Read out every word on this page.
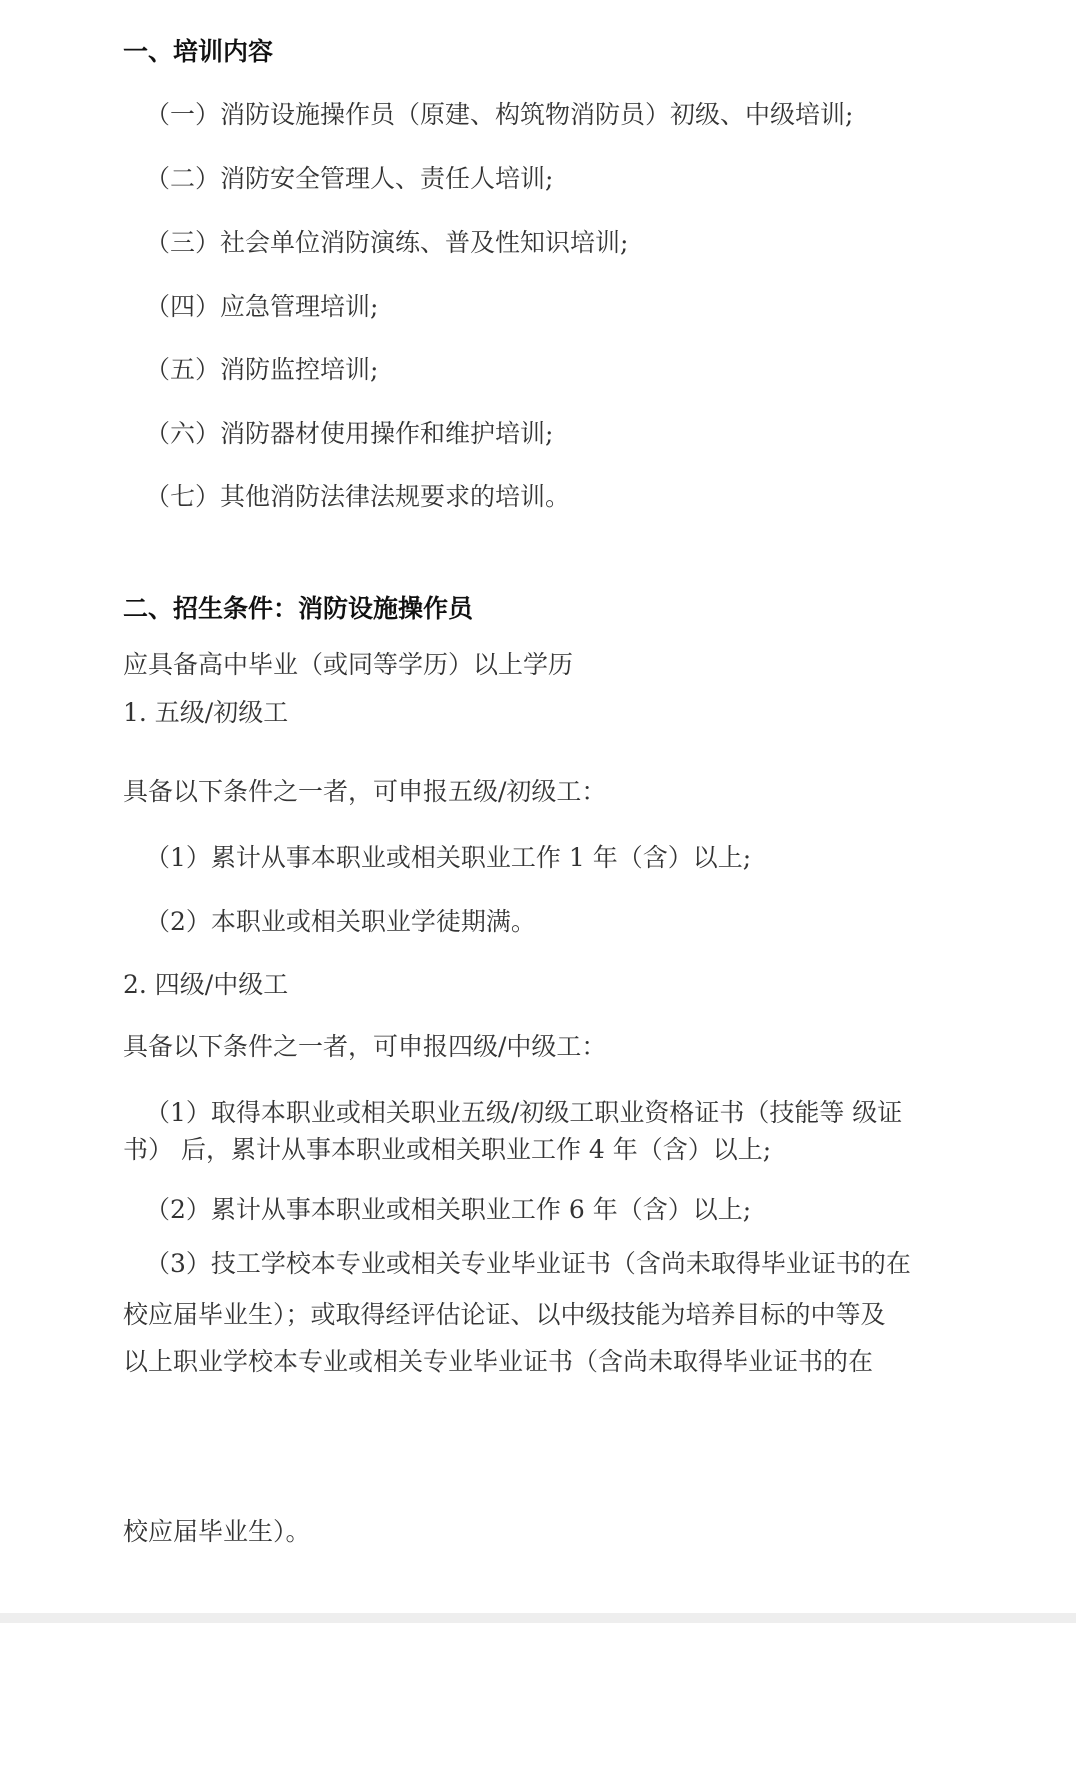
一、培训内容

（一）消防设施操作员（原建、构筑物消防员）初级、中级培训;

（二）消防安全管理人、责任人培训;

（三）社会单位消防演练、普及性知识培训;

（四）应急管理培训;

（五）消防监控培训;

（六）消防器材使用操作和维护培训;

（七）其他消防法律法规要求的培训。

二、招生条件：消防设施操作员

应具备高中毕业（或同等学历）以上学历

1. 五级/初级工

具备以下条件之一者，可申报五级/初级工：

（1）累计从事本职业或相关职业工作 1 年（含）以上;

（2）本职业或相关职业学徒期满。

2. 四级/中级工

具备以下条件之一者，可申报四级/中级工：

（1）取得本职业或相关职业五级/初级工职业资格证书（技能等 级证

书） 后，累计从事本职业或相关职业工作 4 年（含）以上;

（2）累计从事本职业或相关职业工作 6 年（含）以上;

（3）技工学校本专业或相关专业毕业证书（含尚未取得毕业证书的在

校应届毕业生）；或取得经评估论证、以中级技能为培养目标的中等及

以上职业学校本专业或相关专业毕业证书（含尚未取得毕业证书的在

校应届毕业生）。
